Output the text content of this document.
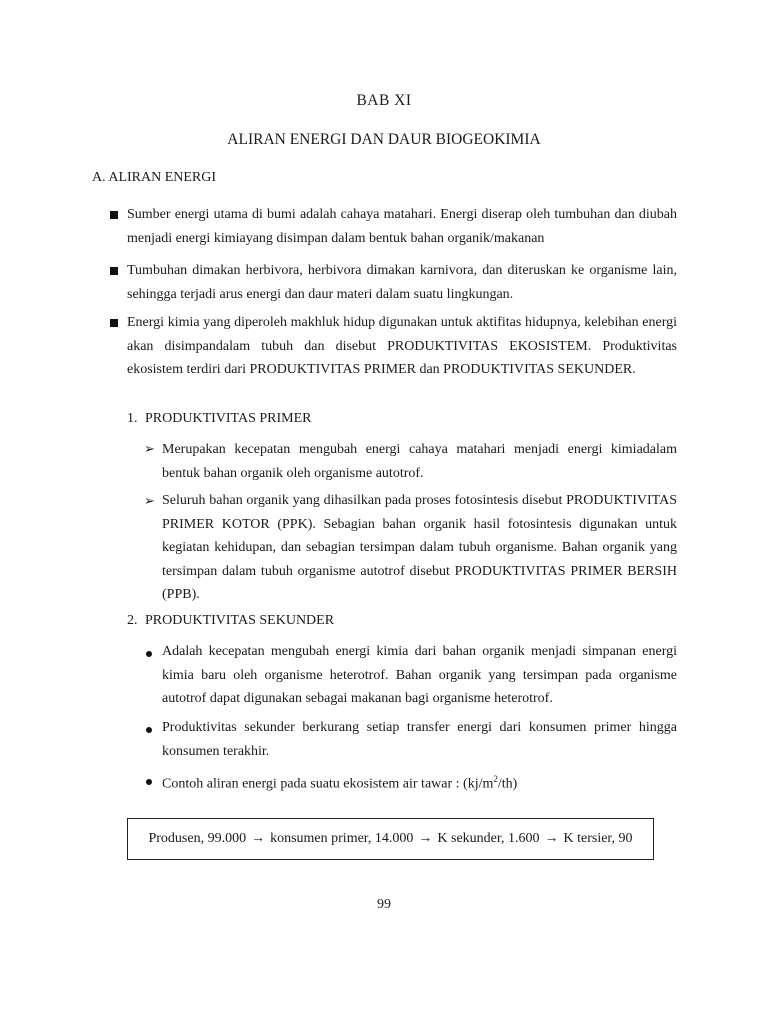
BAB XI
ALIRAN ENERGI DAN DAUR BIOGEOKIMIA
A. ALIRAN ENERGI
Sumber energi utama di bumi adalah cahaya matahari. Energi diserap oleh tumbuhan dan diubah menjadi energi kimiayang disimpan dalam bentuk bahan organik/makanan
Tumbuhan dimakan herbivora, herbivora dimakan karnivora, dan diteruskan ke organisme lain, sehingga terjadi arus energi dan daur materi dalam suatu lingkungan.
Energi kimia yang diperoleh makhluk hidup digunakan untuk aktifitas hidupnya, kelebihan energi akan disimpandalam tubuh dan disebut PRODUKTIVITAS EKOSISTEM. Produktivitas ekosistem terdiri dari PRODUKTIVITAS PRIMER dan PRODUKTIVITAS SEKUNDER.
1. PRODUKTIVITAS PRIMER
➢ Merupakan kecepatan mengubah energi cahaya matahari menjadi energi kimiadalam bentuk bahan organik oleh organisme autotrof.
➢ Seluruh bahan organik yang dihasilkan pada proses fotosintesis disebut PRODUKTIVITAS PRIMER KOTOR (PPK). Sebagian bahan organik hasil fotosintesis digunakan untuk kegiatan kehidupan, dan sebagian tersimpan dalam tubuh organisme. Bahan organik yang tersimpan dalam tubuh organisme autotrof disebut PRODUKTIVITAS PRIMER BERSIH (PPB).
2. PRODUKTIVITAS SEKUNDER
Adalah kecepatan mengubah energi kimia dari bahan organik menjadi simpanan energi kimia baru oleh organisme heterotrof. Bahan organik yang tersimpan pada organisme autotrof dapat digunakan sebagai makanan bagi organisme heterotrof.
Produktivitas sekunder berkurang setiap transfer energi dari konsumen primer hingga konsumen terakhir.
Contoh aliran energi pada suatu ekosistem air tawar : $(kj/m^2/th)$
Produsen, 99.000 → konsumen primer, 14.000 → K sekunder, 1.600 → K tersier, 90
99
